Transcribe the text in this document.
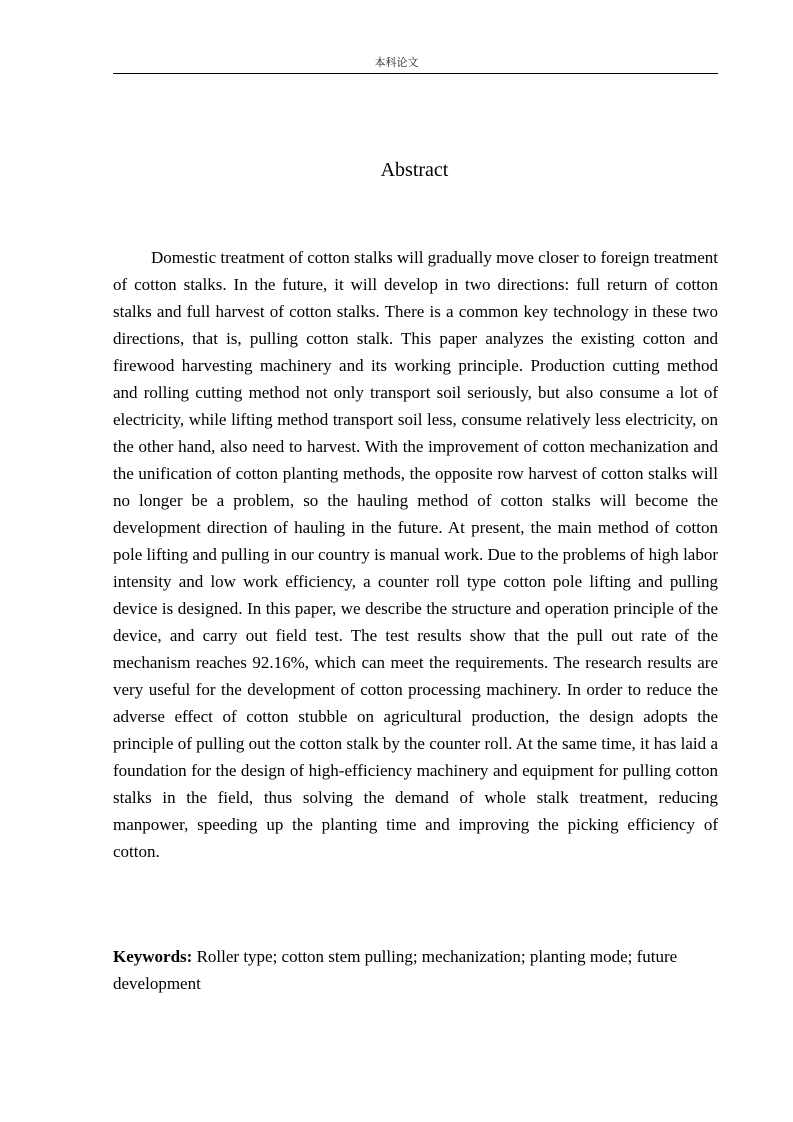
本科论文
Abstract

Domestic treatment of cotton stalks will gradually move closer to foreign treatment of cotton stalks. In the future, it will develop in two directions: full return of cotton stalks and full harvest of cotton stalks. There is a common key technology in these two directions, that is, pulling cotton stalk. This paper analyzes the existing cotton and firewood harvesting machinery and its working principle. Production cutting method and rolling cutting method not only transport soil seriously, but also consume a lot of electricity, while lifting method transport soil less, consume relatively less electricity, on the other hand, also need to harvest. With the improvement of cotton mechanization and the unification of cotton planting methods, the opposite row harvest of cotton stalks will no longer be a problem, so the hauling method of cotton stalks will become the development direction of hauling in the future. At present, the main method of cotton pole lifting and pulling in our country is manual work. Due to the problems of high labor intensity and low work efficiency, a counter roll type cotton pole lifting and pulling device is designed. In this paper, we describe the structure and operation principle of the device, and carry out field test. The test results show that the pull out rate of the mechanism reaches 92.16%, which can meet the requirements. The research results are very useful for the development of cotton processing machinery. In order to reduce the adverse effect of cotton stubble on agricultural production, the design adopts the principle of pulling out the cotton stalk by the counter roll. At the same time, it has laid a foundation for the design of high-efficiency machinery and equipment for pulling cotton stalks in the field, thus solving the demand of whole stalk treatment, reducing manpower, speeding up the planting time and improving the picking efficiency of cotton.

Keywords: Roller type; cotton stem pulling; mechanization; planting mode; future development
